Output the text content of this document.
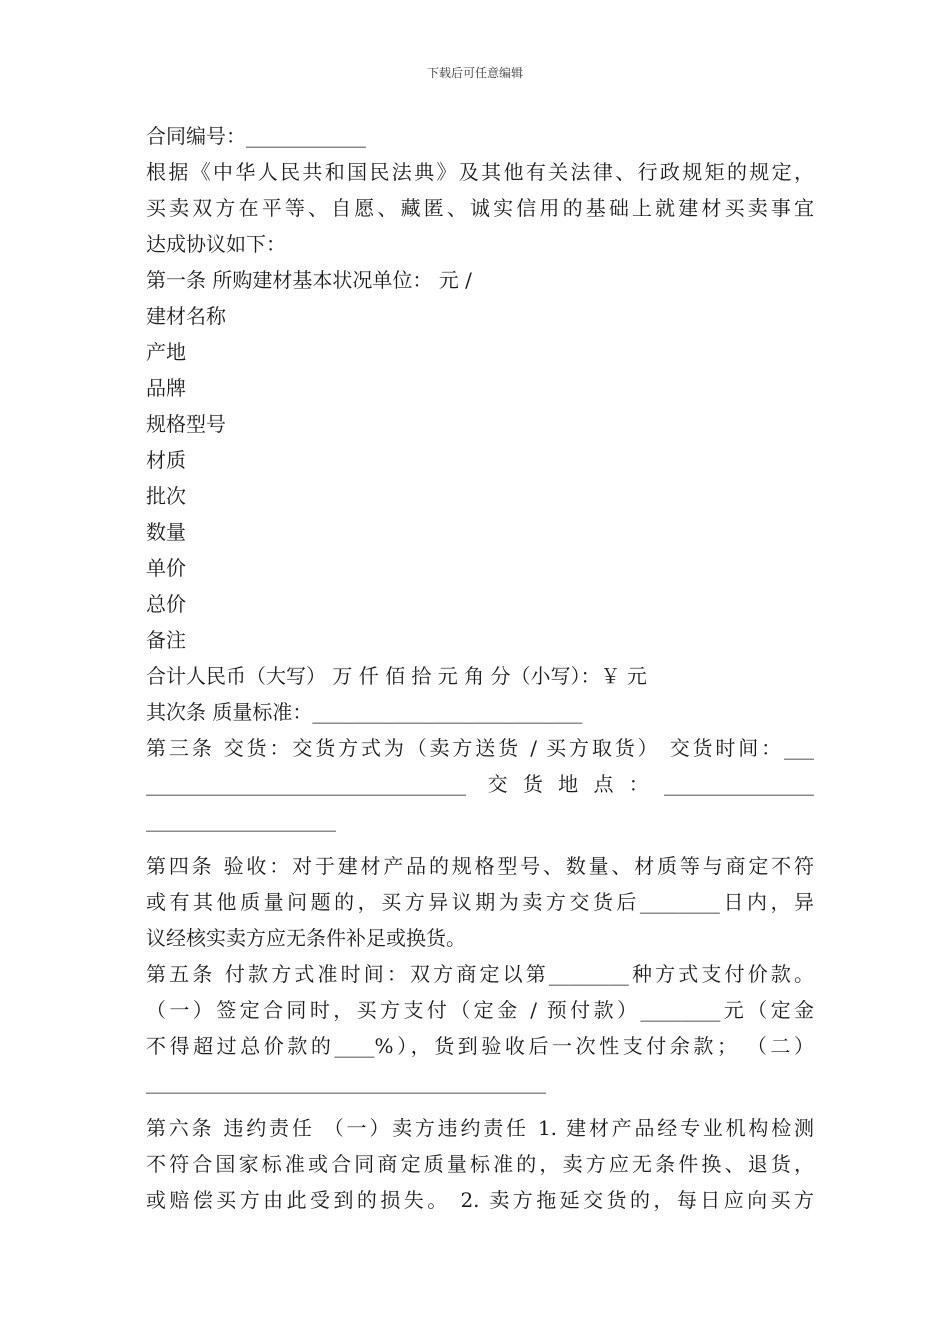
下载后可任意编辑
合同编号：____________
根据《中华人民共和国民法典》及其他有关法律、行政规矩的规定，
买卖双方在平等、自愿、藏匿、诚实信用的基础上就建材买卖事宜
达成协议如下：
第一条 所购建材基本状况单位： 元 /
建材名称
产地
品牌
规格型号
材质
批次
数量
单价
总价
备注
合计人民币（大写） 万 仟 佰 拾 元 角 分（小写）：￥ 元
其次条 质量标准：___________________________
第三条 交货：交货方式为（卖方送货 / 买方取货） 交货时间：___
________________________________ 交货地点：_______________
___________________
第四条 验收：对于建材产品的规格型号、数量、材质等与商定不符
或有其他质量问题的，买方异议期为卖方交货后________日内，异
议经核实卖方应无条件补足或换货。
第五条 付款方式准时间：双方商定以第________种方式支付价款。
（一）签定合同时，买方支付（定金 / 预付款）________元（定金
不得超过总价款的____%），货到验收后一次性支付余款； （二）
________________________________________
第六条 违约责任 （一）卖方违约责任 1. 建材产品经专业机构检测
不符合国家标准或合同商定质量标准的，卖方应无条件换、退货，
或赔偿买方由此受到的损失。 2. 卖方拖延交货的，每日应向买方
